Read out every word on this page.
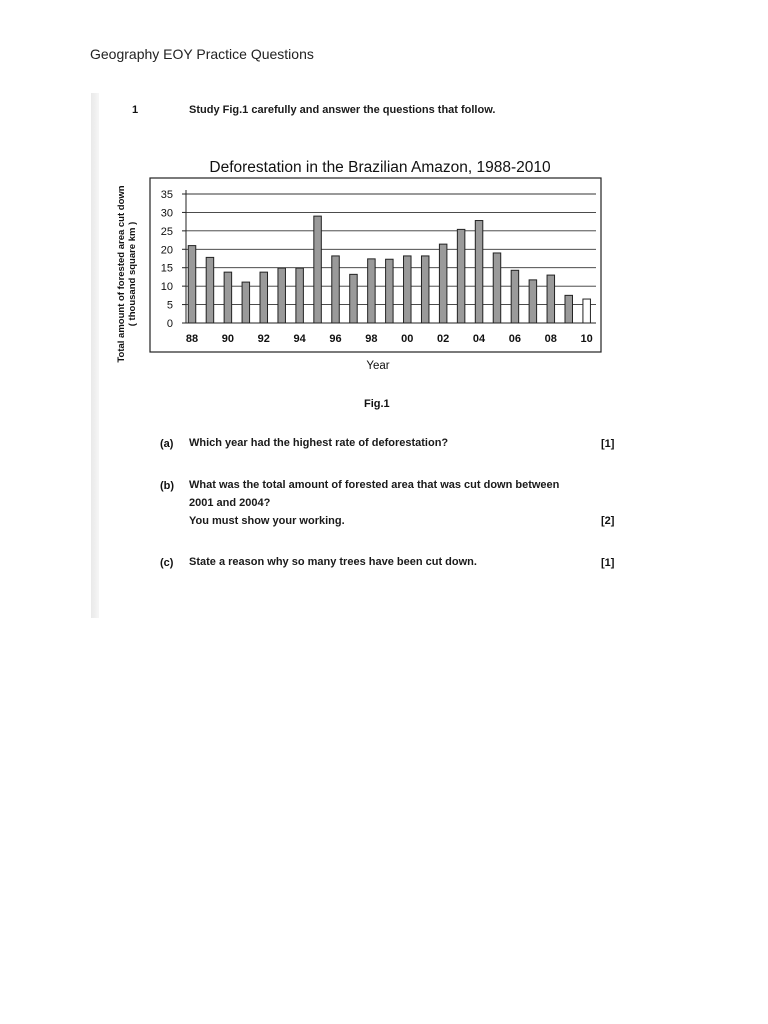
Geography EOY Practice Questions
1	Study Fig.1 carefully and answer the questions that follow.
Deforestation in the Brazilian Amazon, 1988-2010
Total amount of forested area cut down ( thousand square km )	0
5
10
15
20
25
30
35
88 90 92 94 96 98 00 02 04 06 08 10
Year
Fig.1
(a) Which year had the highest rate of deforestation?	[1]
(b) What was the total amount of forested area that was cut down between
2001 and 2004?
You must show your working.	[2]
(c) State a reason why so many trees have been cut down.	[1]
